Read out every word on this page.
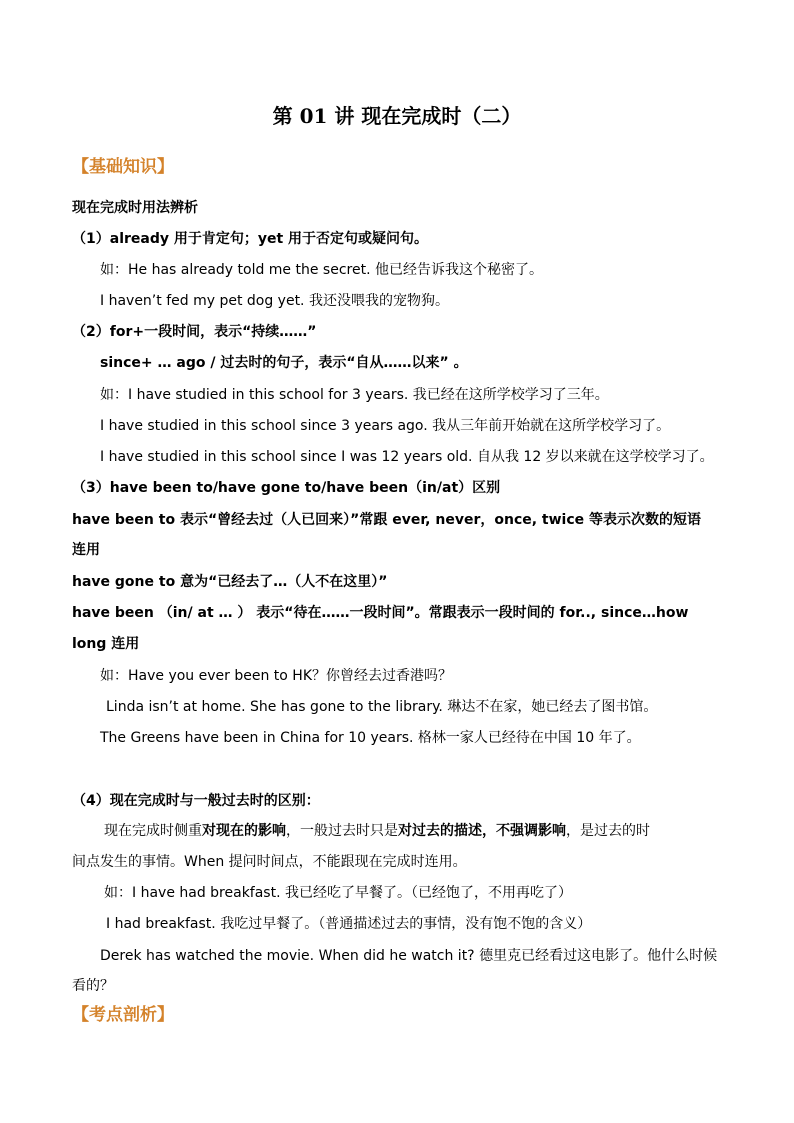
第 01 讲 现在完成时（二）
【基础知识】
现在完成时用法辨析
（1）already 用于肯定句；yet 用于否定句或疑问句。
如：He has already told me the secret. 他已经告诉我这个秘密了。
I haven’t fed my pet dog yet. 我还没喂我的宠物狗。
（2）for+一段时间，表示“持续……”
since+ … ago / 过去时的句子，表示“自从……以来” 。
如：I have studied in this school for 3 years. 我已经在这所学校学习了三年。
I have studied in this school since 3 years ago. 我从三年前开始就在这所学校学习了。
I have studied in this school since I was 12 years old. 自从我 12 岁以来就在这学校学习了。
（3）have been to/have gone to/have been（in/at）区别
have been to 表示“曾经去过（人已回来）”常跟 ever, never，once, twice 等表示次数的短语
连用
have gone to 意为“已经去了…（人不在这里）”
have been （in/ at … ） 表示“待在……一段时间”。常跟表示一段时间的 for.., since…how
long 连用
如：Have you ever been to HK？你曾经去过香港吗？
Linda isn’t at home. She has gone to the library. 琳达不在家，她已经去了图书馆。
The Greens have been in China for 10 years. 格林一家人已经待在中国 10 年了。
（4）现在完成时与一般过去时的区别：
现在完成时侧重对现在的影响，一般过去时只是对过去的描述，不强调影响，是过去的时
间点发生的事情。When 提问时间点，不能跟现在完成时连用。
如：I have had breakfast. 我已经吃了早餐了。（已经饱了，不用再吃了）
I had breakfast. 我吃过早餐了。（普通描述过去的事情，没有饱不饱的含义）
Derek has watched the movie. When did he watch it? 德里克已经看过这电影了。他什么时候
看的？
【考点剖析】
